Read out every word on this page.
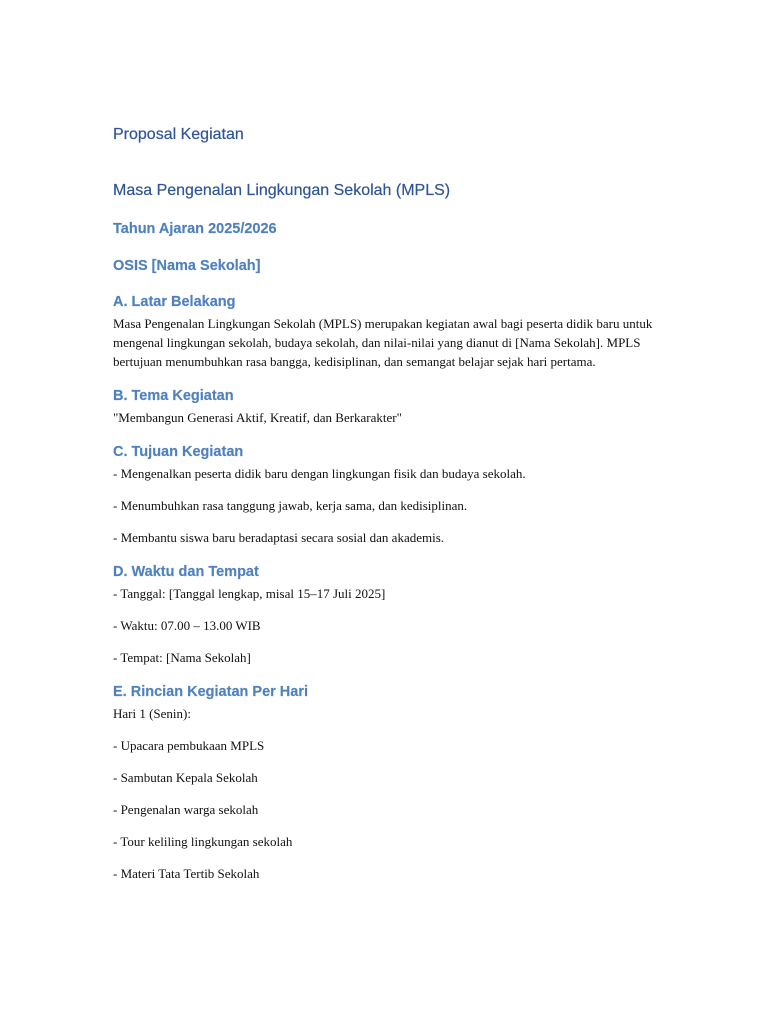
Proposal Kegiatan
Masa Pengenalan Lingkungan Sekolah (MPLS)
Tahun Ajaran 2025/2026
OSIS [Nama Sekolah]
A. Latar Belakang

Masa Pengenalan Lingkungan Sekolah (MPLS) merupakan kegiatan awal bagi peserta didik baru untuk mengenal lingkungan sekolah, budaya sekolah, dan nilai-nilai yang dianut di [Nama Sekolah]. MPLS bertujuan menumbuhkan rasa bangga, kedisiplinan, dan semangat belajar sejak hari pertama.

B. Tema Kegiatan

"Membangun Generasi Aktif, Kreatif, dan Berkarakter"

C. Tujuan Kegiatan

- Mengenalkan peserta didik baru dengan lingkungan fisik dan budaya sekolah.

- Menumbuhkan rasa tanggung jawab, kerja sama, dan kedisiplinan.

- Membantu siswa baru beradaptasi secara sosial dan akademis.

D. Waktu dan Tempat

- Tanggal: [Tanggal lengkap, misal 15–17 Juli 2025]

- Waktu: 07.00 – 13.00 WIB

- Tempat: [Nama Sekolah]

E. Rincian Kegiatan Per Hari

Hari 1 (Senin):

- Upacara pembukaan MPLS

- Sambutan Kepala Sekolah

- Pengenalan warga sekolah

- Tour keliling lingkungan sekolah

- Materi Tata Tertib Sekolah
